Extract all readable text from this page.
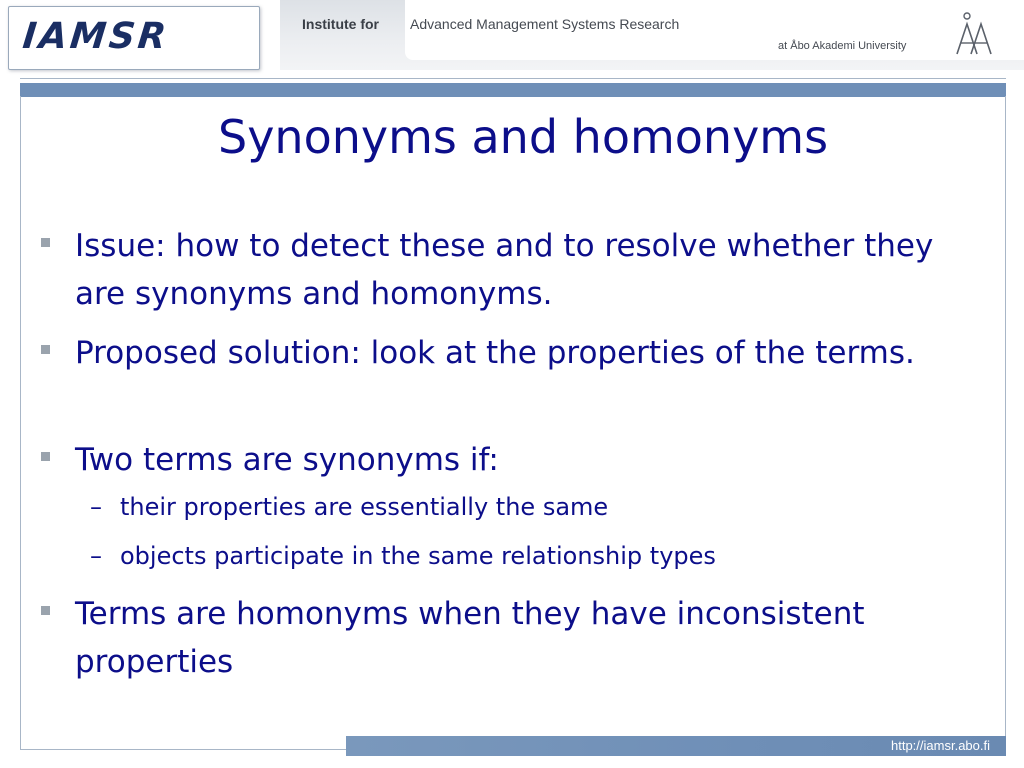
IAMSR	Institute for Advanced Management Systems Research
at Åbo Akademi University
http://iamsr.abo.fi
Synonyms and homonyms
Issue: how to detect these and to resolve whether they are synonyms and homonyms.
Proposed solution: look at the properties of the terms.
Two terms are synonyms if:
– their properties are essentially the same
– objects participate in the same relationship types
Terms are homonyms when they have inconsistent properties
